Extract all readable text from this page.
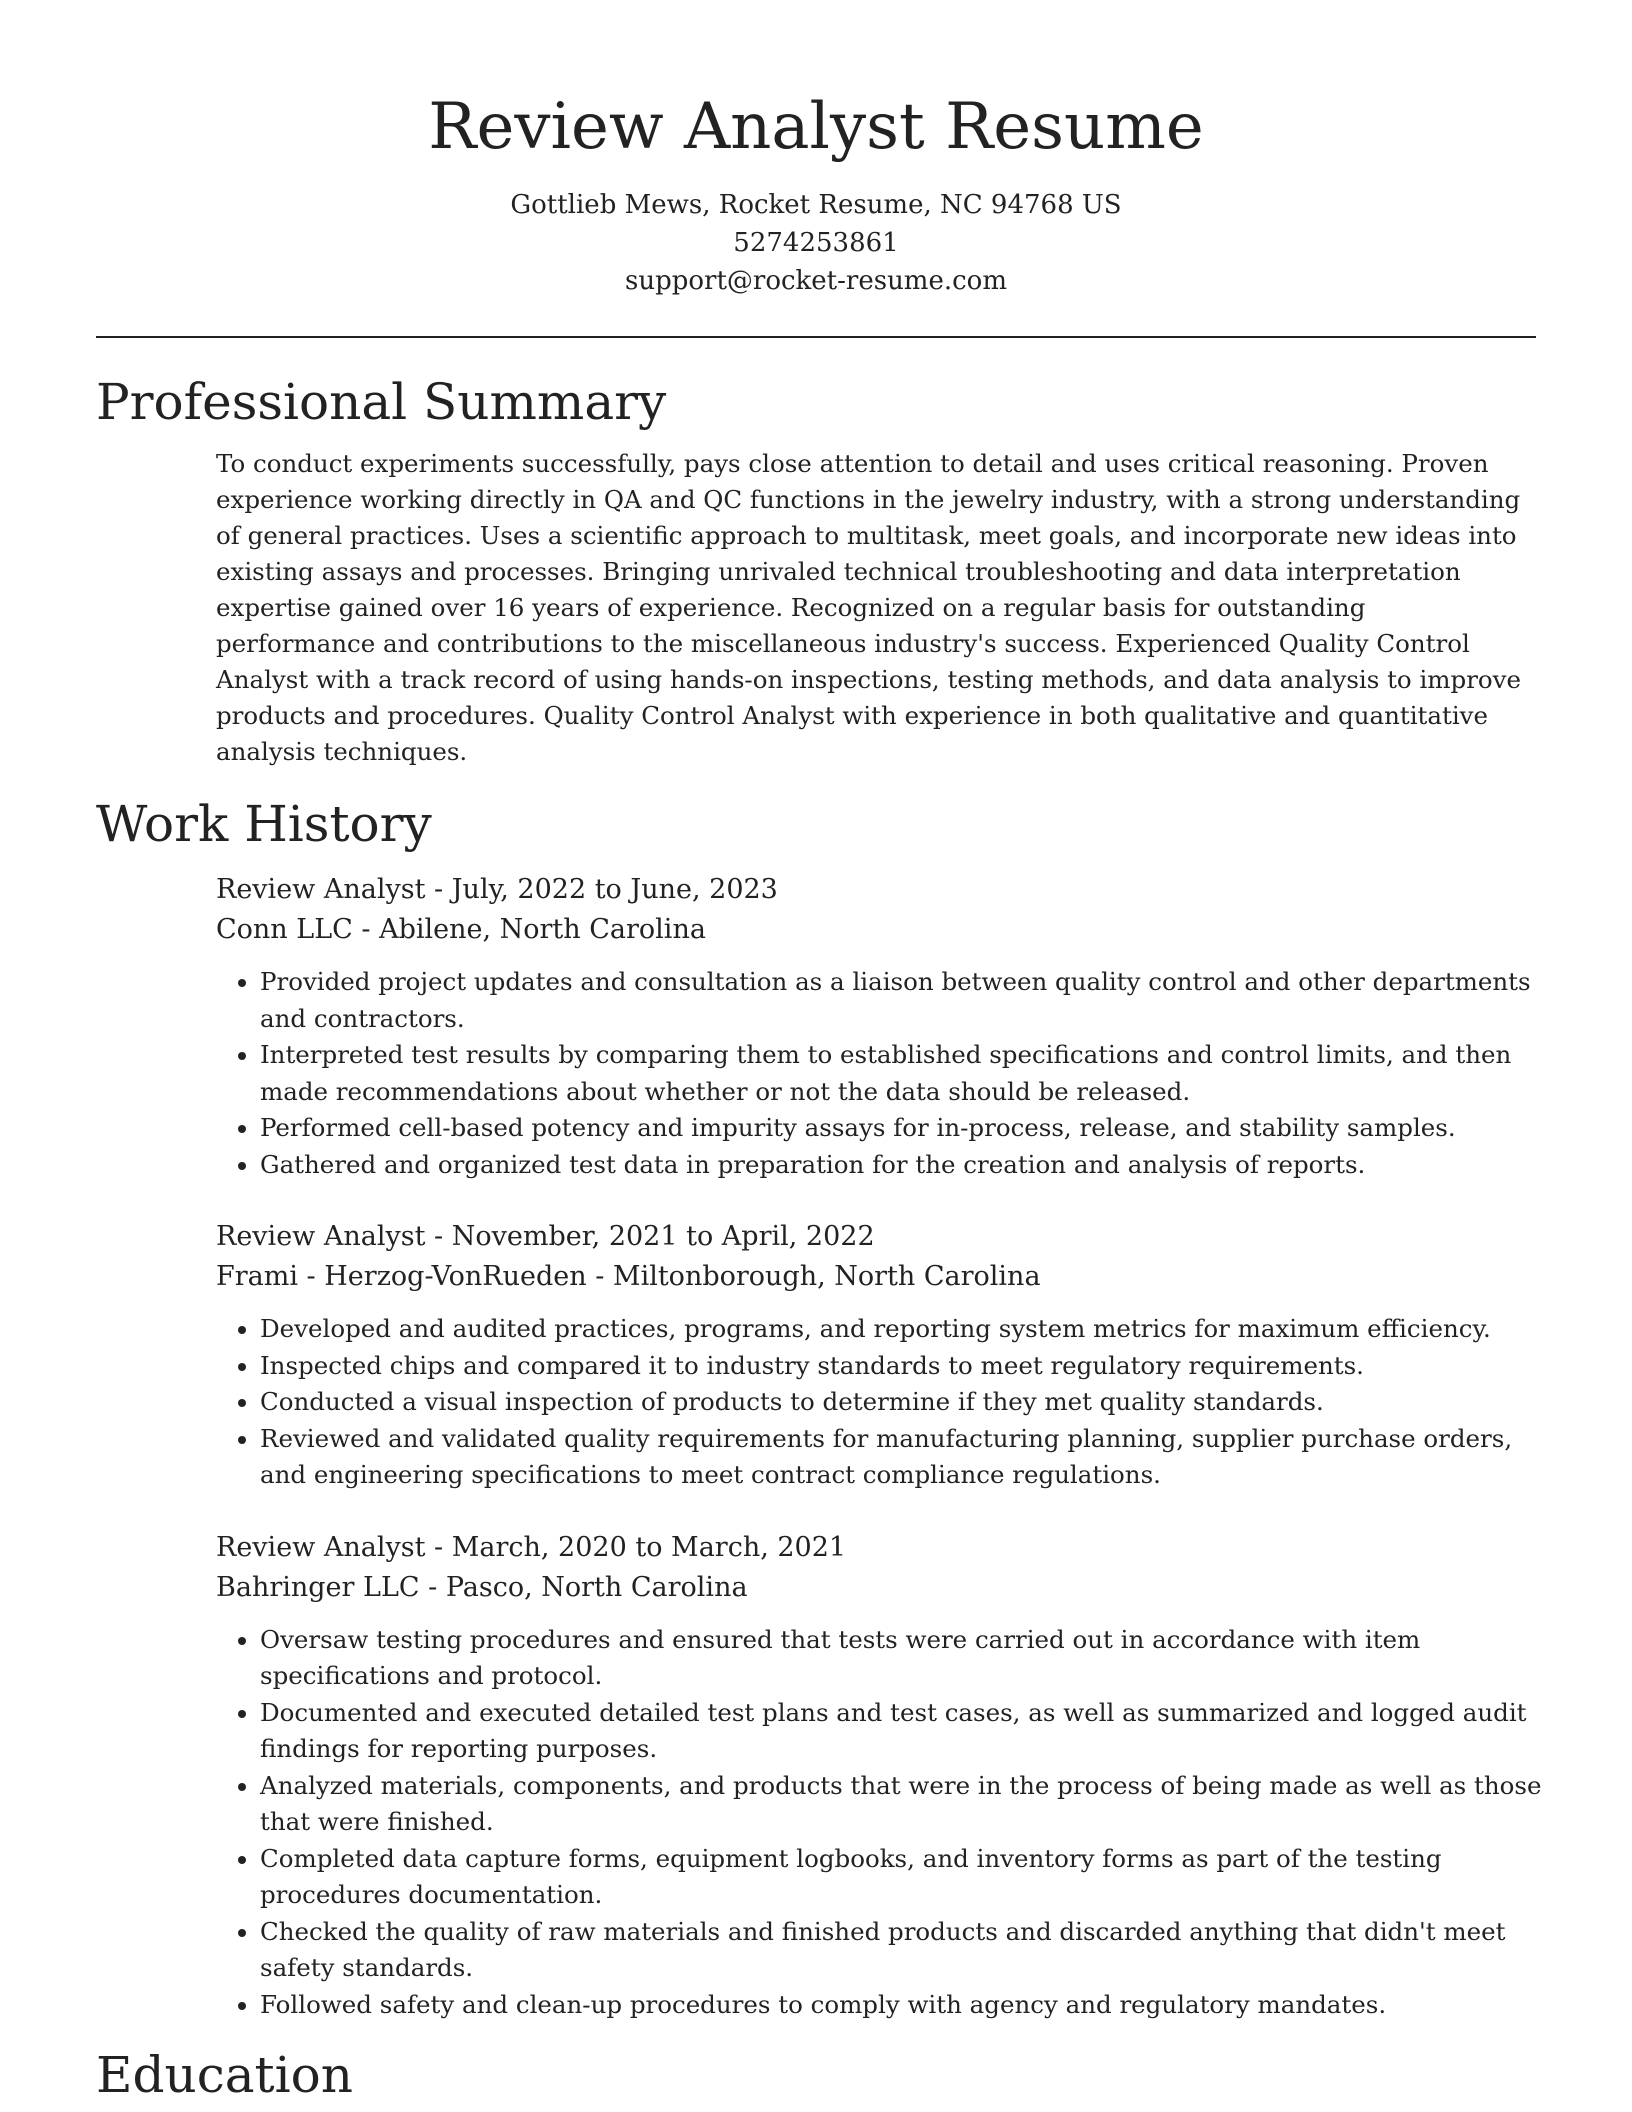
Review Analyst Resume
Gottlieb Mews, Rocket Resume, NC 94768 US
5274253861
support@rocket-resume.com
Professional Summary
To conduct experiments successfully, pays close attention to detail and uses critical reasoning. Proven experience working directly in QA and QC functions in the jewelry industry, with a strong understanding of general practices. Uses a scientific approach to multitask, meet goals, and incorporate new ideas into existing assays and processes. Bringing unrivaled technical troubleshooting and data interpretation expertise gained over 16 years of experience. Recognized on a regular basis for outstanding performance and contributions to the miscellaneous industry's success. Experienced Quality Control Analyst with a track record of using hands-on inspections, testing methods, and data analysis to improve products and procedures. Quality Control Analyst with experience in both qualitative and quantitative analysis techniques.
Work History
Review Analyst - July, 2022 to June, 2023
Conn LLC - Abilene, North Carolina
• Provided project updates and consultation as a liaison between quality control and other departments and contractors.
• Interpreted test results by comparing them to established specifications and control limits, and then made recommendations about whether or not the data should be released.
• Performed cell-based potency and impurity assays for in-process, release, and stability samples.
• Gathered and organized test data in preparation for the creation and analysis of reports.
Review Analyst - November, 2021 to April, 2022
Frami - Herzog-VonRueden - Miltonborough, North Carolina
• Developed and audited practices, programs, and reporting system metrics for maximum efficiency.
• Inspected chips and compared it to industry standards to meet regulatory requirements.
• Conducted a visual inspection of products to determine if they met quality standards.
• Reviewed and validated quality requirements for manufacturing planning, supplier purchase orders, and engineering specifications to meet contract compliance regulations.
Review Analyst - March, 2020 to March, 2021
Bahringer LLC - Pasco, North Carolina
• Oversaw testing procedures and ensured that tests were carried out in accordance with item specifications and protocol.
• Documented and executed detailed test plans and test cases, as well as summarized and logged audit findings for reporting purposes.
• Analyzed materials, components, and products that were in the process of being made as well as those that were finished.
• Completed data capture forms, equipment logbooks, and inventory forms as part of the testing procedures documentation.
• Checked the quality of raw materials and finished products and discarded anything that didn't meet safety standards.
• Followed safety and clean-up procedures to comply with agency and regulatory mandates.
Education
